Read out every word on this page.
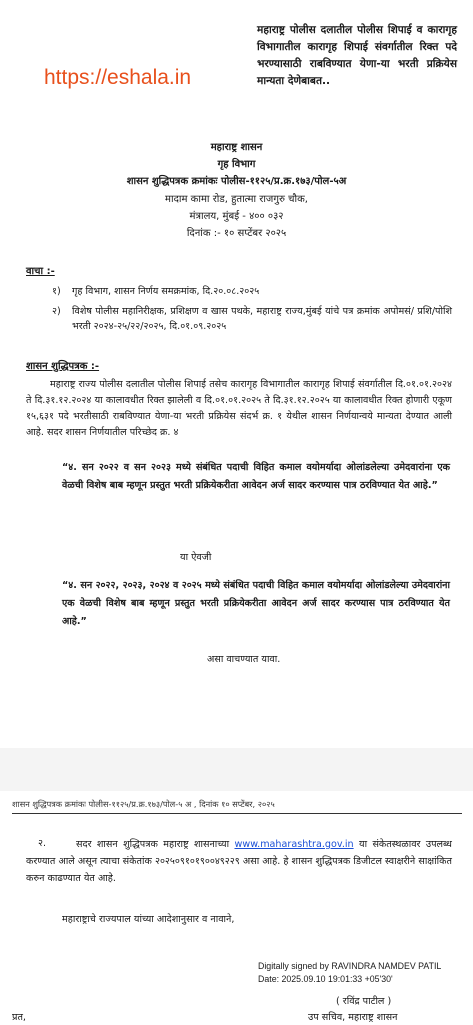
महाराष्ट्र पोलीस दलातील पोलीस शिपाई व कारागृह विभागातील कारागृह शिपाई संवर्गातील रिक्त पदे भरण्यासाठी राबविण्यात येणा-या भरती प्रक्रियेस मान्यता देणेबाबत..
https://eshala.in
महाराष्ट्र शासन
गृह विभाग
शासन शुद्धिपत्रक क्रमांकः पोलीस-११२५/प्र.क्र.१७३/पोल-५अ
मादाम कामा रोड, हुतात्मा राजगुरु चौक,
मंत्रालय, मुंबई - ४०० ०३२
दिनांक :- १० सप्टेंबर २०२५
वाचा :-
१) गृह विभाग, शासन निर्णय समक्रमांक, दि.२०.०८.२०२५
२) विशेष पोलीस महानिरीक्षक, प्रशिक्षण व खास पथके, महाराष्ट्र राज्य,मुंबई यांचे पत्र क्रमांक अपोमसं/ प्रशि/पोशि भरती २०२४-२५/२२/२०२५, दि.०१.०९.२०२५
शासन शुद्धिपत्रक :-
महाराष्ट्र राज्य पोलीस दलातील पोलीस शिपाई तसेच कारागृह विभागातील कारागृह शिपाई संवर्गातील दि.०१.०१.२०२४ ते दि.३१.१२.२०२४ या कालावधीत रिक्त झालेली व दि.०१.०१.२०२५ ते दि.३१.१२.२०२५ या कालावधीत रिक्त होणारी एकूण १५,६३१ पदे भरतीसाठी राबविण्यात येणा-या भरती प्रक्रियेस संदर्भ क्र. १ येथील शासन निर्णयान्वये मान्यता देण्यात आली आहे. सदर शासन निर्णयातील परिच्छेद क्र. ४
“४. सन २०२२ व सन २०२३ मध्ये संबंधित पदाची विहित कमाल वयोमर्यादा ओलांडलेल्या उमेदवारांना एक वेळची विशेष बाब म्हणून प्रस्तुत भरती प्रक्रियेकरीता आवेदन अर्ज सादर करण्यास पात्र ठरविण्यात येत आहे.”
या ऐवजी
“४. सन २०२२, २०२३, २०२४ व २०२५ मध्ये संबंधित पदाची विहित कमाल वयोमर्यादा ओलांडलेल्या उमेदवारांना एक वेळची विशेष बाब म्हणून प्रस्तुत भरती प्रक्रियेकरीता आवेदन अर्ज सादर करण्यास पात्र ठरविण्यात येत आहे.”
असा वाचण्यात यावा.
शासन शुद्धिपत्रक क्रमांकः पोलीस-११२५/प्र.क्र.१७३/पोल-५ अ , दिनांक १० सप्टेंबर, २०२५
२.	सदर शासन शुद्धिपत्रक महाराष्ट्र शासनाच्या www.maharashtra.gov.in या संकेतस्थळावर उपलब्ध करण्यात आले असून त्याचा संकेतांक २०२५०९१०१९००४९२२९ असा आहे. हे शासन शुद्धिपत्रक डिजीटल स्वाक्षरीने साक्षांकित करुन काढण्यात येत आहे.
महाराष्ट्राचे राज्यपाल यांच्या आदेशानुसार व नावाने,
Digitally signed by RAVINDRA NAMDEV PATIL
Date: 2025.09.10 19:01:33 +05'30'
( रविंद्र पाटील )
उप सचिव, महाराष्ट्र शासन
प्रत,
